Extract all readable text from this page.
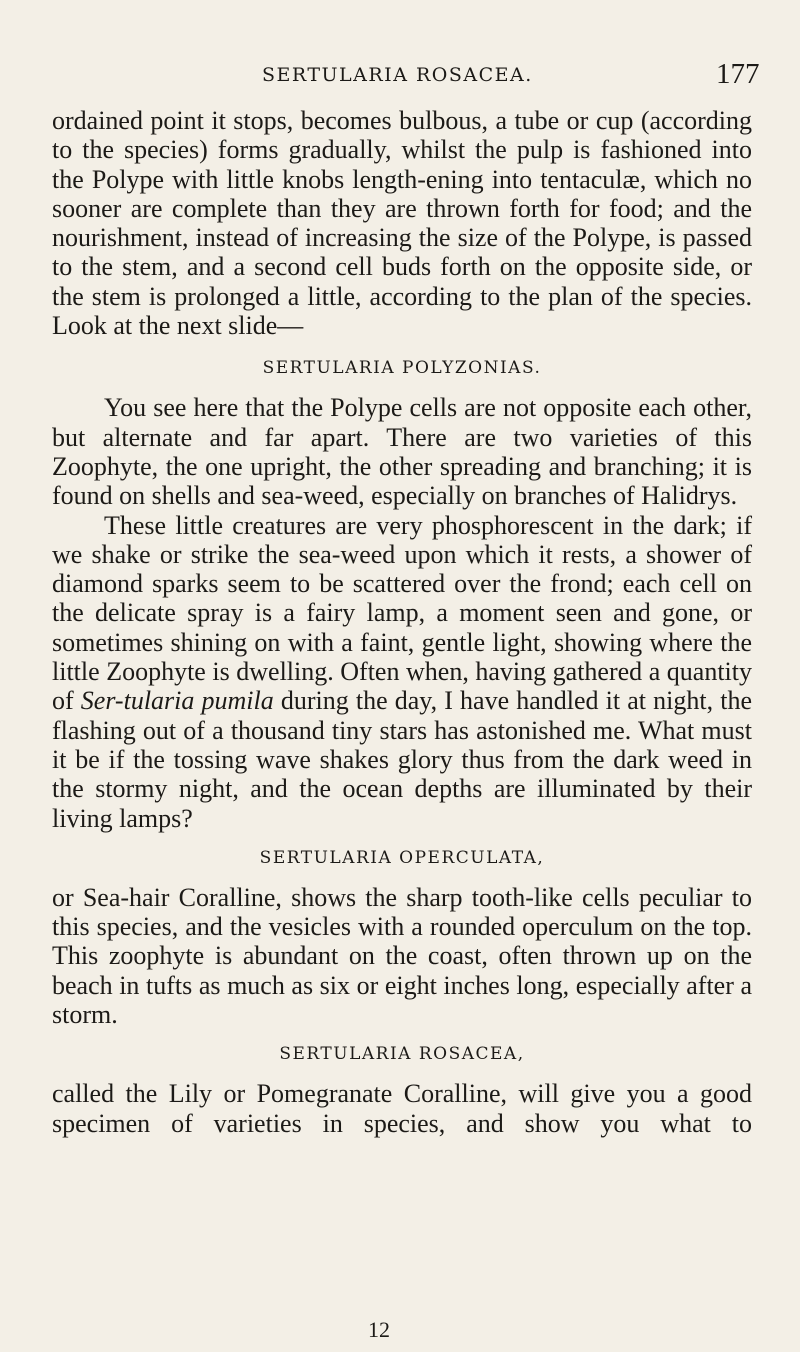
SERTULARIA ROSACEA.	177

ordained point it stops, becomes bulbous, a tube or cup (according to the species) forms gradually, whilst the pulp is fashioned into the Polype with little knobs length-ening into tentaculæ, which no sooner are complete than they are thrown forth for food; and the nourishment, instead of increasing the size of the Polype, is passed to the stem, and a second cell buds forth on the opposite side, or the stem is prolonged a little, according to the plan of the species. Look at the next slide—

SERTULARIA POLYZONIAS.

You see here that the Polype cells are not opposite each other, but alternate and far apart. There are two varieties of this Zoophyte, the one upright, the other spreading and branching; it is found on shells and sea-weed, especially on branches of Halidrys.

These little creatures are very phosphorescent in the dark; if we shake or strike the sea-weed upon which it rests, a shower of diamond sparks seem to be scattered over the frond; each cell on the delicate spray is a fairy lamp, a moment seen and gone, or sometimes shining on with a faint, gentle light, showing where the little Zoophyte is dwelling. Often when, having gathered a quantity of Ser-tularia pumila during the day, I have handled it at night, the flashing out of a thousand tiny stars has astonished me. What must it be if the tossing wave shakes glory thus from the dark weed in the stormy night, and the ocean depths are illuminated by their living lamps?

SERTULARIA OPERCULATA,

or Sea-hair Coralline, shows the sharp tooth-like cells peculiar to this species, and the vesicles with a rounded operculum on the top. This zoophyte is abundant on the coast, often thrown up on the beach in tufts as much as six or eight inches long, especially after a storm.

SERTULARIA ROSACEA,

called the Lily or Pomegranate Coralline, will give you a good specimen of varieties in species, and show you what to

12
